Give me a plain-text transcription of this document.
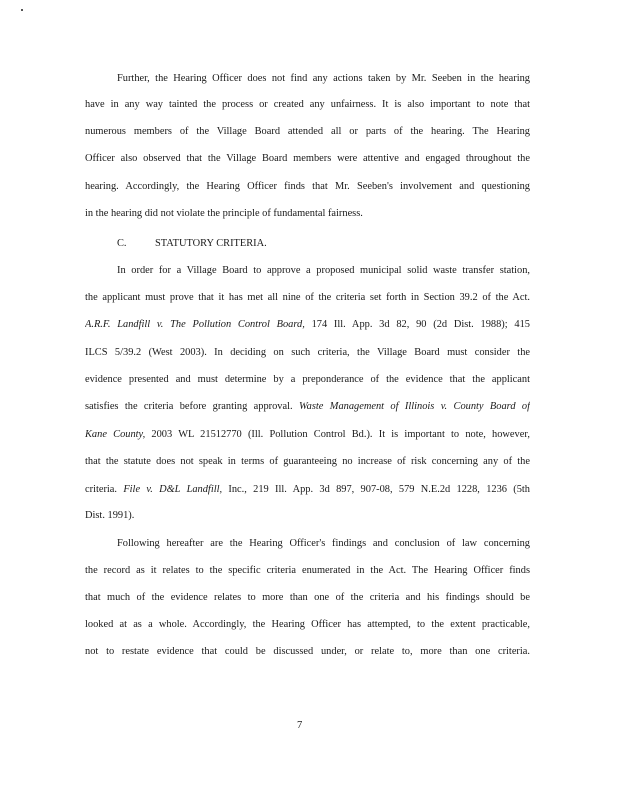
Further, the Hearing Officer does not find any actions taken by Mr. Seeben in the hearing
have in any way tainted the process or created any unfairness. It is also important to note that
numerous members of the Village Board attended all or parts of the hearing. The Hearing
Officer also observed that the Village Board members were attentive and engaged throughout the
hearing. Accordingly, the Hearing Officer finds that Mr. Seeben's involvement and questioning
in the hearing did not violate the principle of fundamental fairness.
C.	STATUTORY CRITERIA.
In order for a Village Board to approve a proposed municipal solid waste transfer station,
the applicant must prove that it has met all nine of the criteria set forth in Section 39.2 of the Act.
A.R.F. Landfill v. The Pollution Control Board, 174 Ill. App. 3d 82, 90 (2d Dist. 1988); 415
ILCS 5/39.2 (West 2003). In deciding on such criteria, the Village Board must consider the
evidence presented and must determine by a preponderance of the evidence that the applicant
satisfies the criteria before granting approval. Waste Management of Illinois v. County Board of
Kane County, 2003 WL 21512770 (Ill. Pollution Control Bd.). It is important to note, however,
that the statute does not speak in terms of guaranteeing no increase of risk concerning any of the
criteria. File v. D&L Landfill, Inc., 219 Ill. App. 3d 897, 907-08, 579 N.E.2d 1228, 1236 (5th
Dist. 1991).
Following hereafter are the Hearing Officer's findings and conclusion of law concerning
the record as it relates to the specific criteria enumerated in the Act. The Hearing Officer finds
that much of the evidence relates to more than one of the criteria and his findings should be
looked at as a whole. Accordingly, the Hearing Officer has attempted, to the extent practicable,
not to restate evidence that could be discussed under, or relate to, more than one criteria.
7
